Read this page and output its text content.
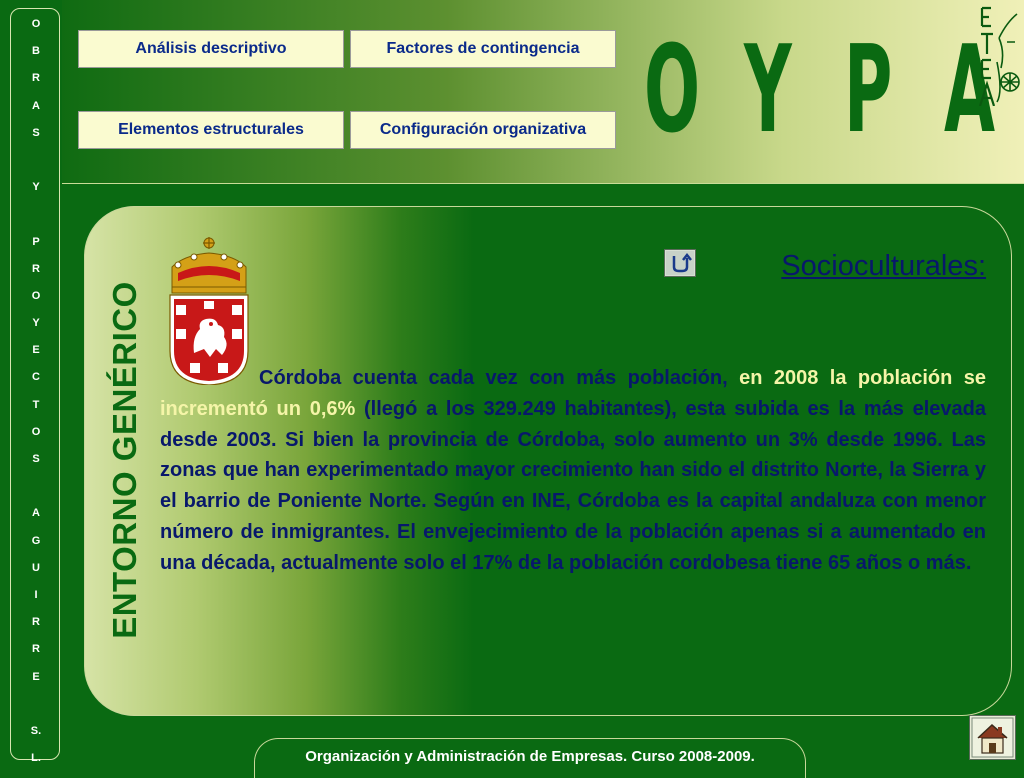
O
B
R
A
S
Y
P
R
O
Y
E
C
T
O
S
A
G
U
I
R
R
E
S.
L.
Análisis descriptivo	Factores de contingencia
Elementos estructurales	Configuración organizativa O Y P A
ENTORNO GENÉRICO
Socioculturales:
Córdoba cuenta cada vez con más población, en 2008 la población se incrementó un 0,6% (llegó a los 329.249 habitantes), esta subida es la más elevada desde 2003. Si bien la provincia de Córdoba, solo aumento un 3% desde 1996. Las zonas que han experimentado mayor crecimiento han sido el distrito Norte, la Sierra y el barrio de Poniente Norte. Según en INE, Córdoba es la capital andaluza con menor número de inmigrantes. El envejecimiento de la población apenas si a aumentado en una década, actualmente solo el 17% de la población cordobesa tiene 65 años o más.
Organización y Administración de Empresas. Curso 2008-2009.
